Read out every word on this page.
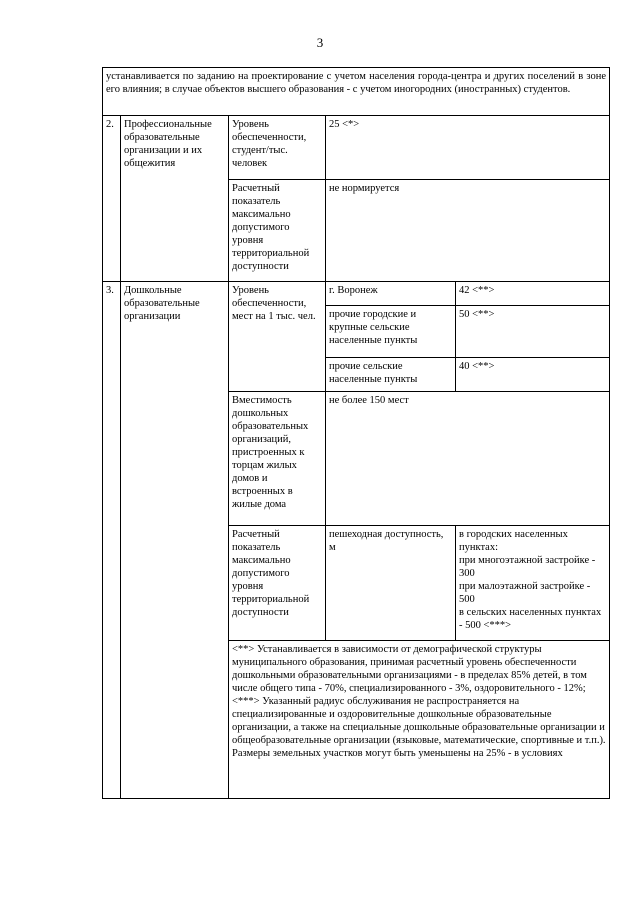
3
устанавливается по заданию на проектирование с учетом населения города-центра и других поселений в зоне его влияния; в случае объектов высшего образования - с учетом иногородних (иностранных) студентов.				
2.	Профессиональные образовательные организации и их общежития	Уровень обеспеченности, студент/тыс. человек	25 <*>	
		Расчетный показатель максимально допустимого уровня территориальной доступности	не нормируется	
3.	Дошкольные образовательные организации	Уровень обеспеченности, мест на 1 тыс. чел.	г. Воронеж	42 <**>
			прочие городские и крупные сельские населенные пункты	50 <**>
			прочие сельские населенные пункты	40 <**>
		Вместимость дошкольных образовательных организаций, пристроенных к торцам жилых домов и встроенных в жилые дома	не более 150 мест	
		Расчетный показатель максимально допустимого уровня территориальной доступности	пешеходная доступность, м	в городских населенных пунктах:
при многоэтажной застройке - 300
при малоэтажной застройке - 500
в сельских населенных пунктах - 500 <***>

		<**> Устанавливается в зависимости от демографической структуры муниципального образования, принимая расчетный уровень обеспеченности дошкольными образовательными организациями - в пределах 85% детей, в том числе общего типа - 70%, специализированного - 3%, оздоровительного - 12%;

<***> Указанный радиус обслуживания не распространяется на специализированные и оздоровительные дошкольные образовательные организации, а также на специальные дошкольные образовательные организации и общеобразовательные организации (языковые, математические, спортивные и т.п.).

Размеры земельных участков могут быть уменьшены на 25% - в условиях		
